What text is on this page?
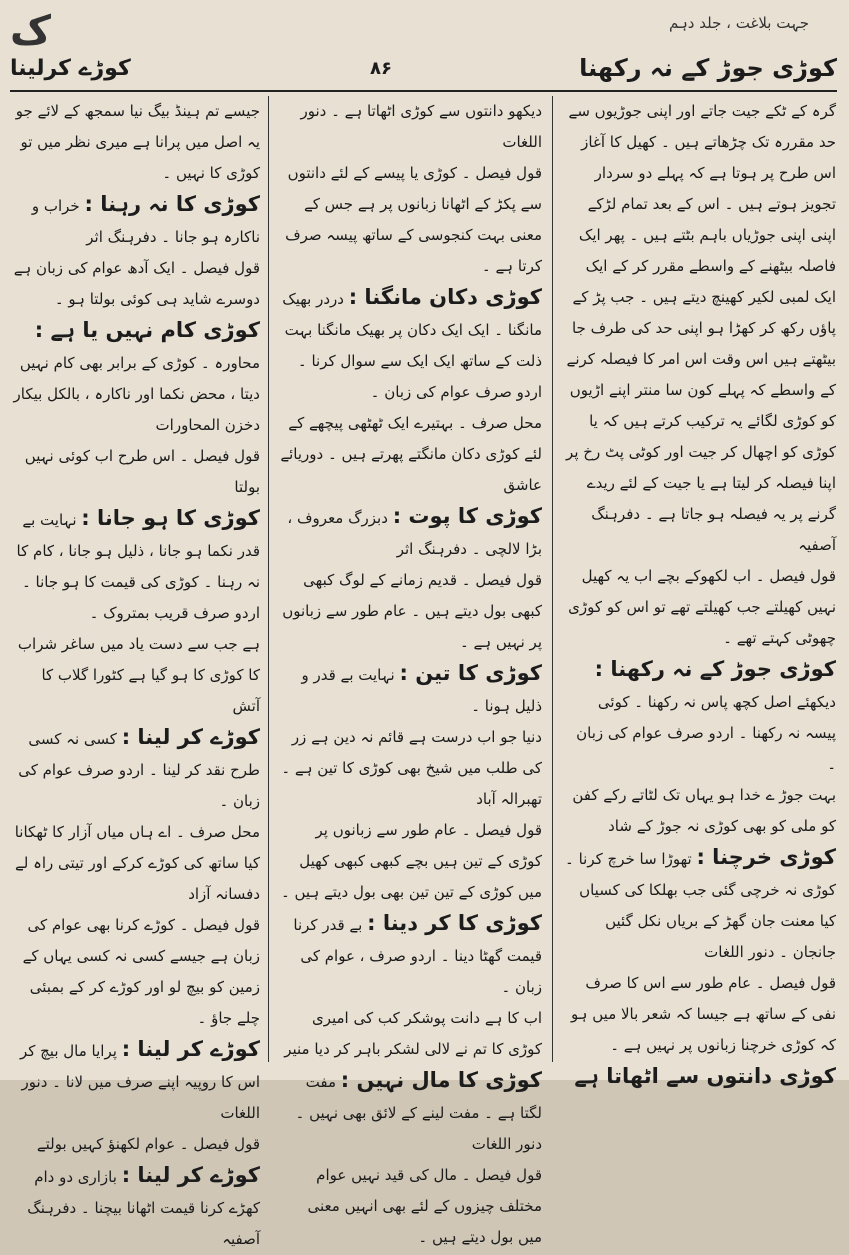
ک	جہت بلاغت ، جلد دہم
کوڑے کرلینا	۸۶	کوڑی جوڑ کے نہ رکھنا

گرہ کے ٹکے جیت جاتے اور اپنی جوڑیوں سے حد مقررہ تک چڑھاتے ہیں ۔ کھیل کا آغاز اس طرح پر ہوتا ہے کہ پہلے دو سردار تجویز ہوتے ہیں ۔ اس کے بعد تمام لڑکے اپنی اپنی جوڑیاں باہم بٹتے ہیں ۔ پھر ایک فاصلہ بیٹھنے کے واسطے مقرر کر کے ایک ایک لمبی لکیر کھینچ دیتے ہیں ۔ جب پڑ کے پاؤں رکھ کر کھڑا ہو اپنی حد کی طرف جا بیٹھتے ہیں اس وقت اس امر کا فیصلہ کرنے کے واسطے کہ پہلے کون سا منتر اپنے اڑیوں کو کوڑی لگائے یہ ترکیب کرتے ہیں کہ یا کوڑی کو اچھال کر جیت اور کوٹی پٹ رخ پر اپنا فیصلہ کر لیتا ہے یا جیت کے لئے ریدے گرنے پر یہ فیصلہ ہو جاتا ہے ۔ دفرہنگ آصفیہ

قول فیصل ۔ اب لکھوکے بچے اب یہ کھیل نہیں کھیلتے جب کھیلتے تھے تو اس کو کوڑی چھوٹی کہتے تھے ۔

کوڑی جوڑ کے نہ رکھنا : دیکھئے اصل کچھ پاس نہ رکھنا ۔ کوئی پیسہ نہ رکھنا ۔ اردو صرف عوام کی زبان ۔

بہت جوڑ ے خدا ہو یہاں تک لٹاتے رکے کفن کو ملی کو بھی کوڑی نہ جوڑ کے شاد

کوڑی خرچنا : تھوڑا سا خرچ کرنا ۔ کوڑی نہ خرچی گئی جب بھلکا کی کسیاں کیا معنت جان گھڑ کے بریاں نکل گئیں جانجان ۔ دنور اللغات

قول فیصل ۔ عام طور سے اس کا صرف نفی کے ساتھ ہے جیسا کہ شعر بالا میں ہو کہ کوڑی خرچنا زبانوں پر نہیں ہے ۔

کوڑی دانتوں سے اٹھاتا ہے

دیکھو دانتوں سے کوڑی اٹھاتا ہے ۔ دنور اللغات

قول فیصل ۔ کوڑی یا پیسے کے لئے دانتوں سے پکڑ کے اٹھانا زبانوں پر ہے جس کے معنی بہت کنجوسی کے ساتھ پیسہ صرف کرتا ہے ۔

کوڑی دکان مانگنا : دردر بھیک مانگنا ۔ ایک ایک دکان پر بھیک مانگنا بہت ذلت کے ساتھ ایک ایک سے سوال کرنا ۔ اردو صرف عوام کی زبان ۔

محل صرف ۔ بہتیرے ایک ٹھٹھی پیچھے کے لئے کوڑی دکان مانگتے پھرتے ہیں ۔ دوریائے عاشق

کوڑی کا پوت : دبزرگ معروف ، بڑا لالچی ۔ دفرہنگ اثر

قول فیصل ۔ قدیم زمانے کے لوگ کبھی کبھی بول دیتے ہیں ۔ عام طور سے زبانوں پر نہیں ہے ۔

کوڑی کا تین : نہایت بے قدر و ذلیل ہونا ۔

دنیا جو اب درست ہے قائم نہ دین ہے زر کی طلب میں شیخ بھی کوڑی کا تین ہے ۔ تھبرالہ آباد

قول فیصل ۔ عام طور سے زبانوں پر کوڑی کے تین ہیں بچے کبھی کبھی کھیل میں کوڑی کے تین تین بھی بول دیتے ہیں ۔

کوڑی کا کر دینا : بے قدر کرنا قیمت گھٹا دینا ۔ اردو صرف ، عوام کی زبان ۔

اب کا ہے دانت پوشکر کب کی امیری کوڑی کا تم نے لالی لشکر باہر کر دیا منیر

کوڑی کا مال نہیں : مفت لگتا ہے ۔ مفت لینے کے لائق بھی نہیں ۔ دنور اللغات

قول فیصل ۔ مال کی قید نہیں عوام مختلف چیزوں کے لئے بھی انہیں معنی میں بول دیتے ہیں ۔

جیسے تم ہینڈ بیگ نیا سمجھ کے لائے جو یہ اصل میں پرانا ہے میری نظر میں تو کوڑی کا نہیں ۔

کوڑی کا نہ رہنا : خراب و ناکارہ ہو جانا ۔ دفرہنگ اثر

قول فیصل ۔ ایک آدھ عوام کی زبان ہے دوسرے شاید ہی کوئی بولتا ہو ۔

کوڑی کام نہیں یا ہے : محاورہ ۔ کوڑی کے برابر بھی کام نہیں دیتا ، محض نکما اور ناکارہ ، بالکل بیکار دخزن المحاورات

قول فیصل ۔ اس طرح اب کوئی نہیں بولتا

کوڑی کا ہو جانا : نہایت بے قدر نکما ہو جانا ، ذلیل ہو جانا ، کام کا نہ رہنا ۔ کوڑی کی قیمت کا ہو جانا ۔ اردو صرف قریب بمتروک ۔

ہے جب سے دست یاد میں ساغر شراب کا کوڑی کا ہو گیا ہے کٹورا گلاب کا آتش

کوڑے کر لینا : کسی نہ کسی طرح نقد کر لینا ۔ اردو صرف عوام کی زبان ۔

محل صرف ۔ اے ہاں میاں آزار کا ٹھکانا کیا ساتھ کی کوڑے کرکے اور تیتی راہ لے دفسانہ آزاد

قول فیصل ۔ کوڑے کرنا بھی عوام کی زبان ہے جیسے کسی نہ کسی یہاں کے زمین کو بیچ لو اور کوڑے کر کے بمبئی چلے جاؤ ۔

کوڑے کر لینا : پرایا مال بیچ کر اس کا روپیہ اپنے صرف میں لانا ۔ دنور اللغات

قول فیصل ۔ عوام لکھنؤ کہیں بولتے

کوڑے کر لینا : بازاری دو دام کھڑے کرنا قیمت اٹھانا بیچنا ۔ دفرہنگ آصفیہ
